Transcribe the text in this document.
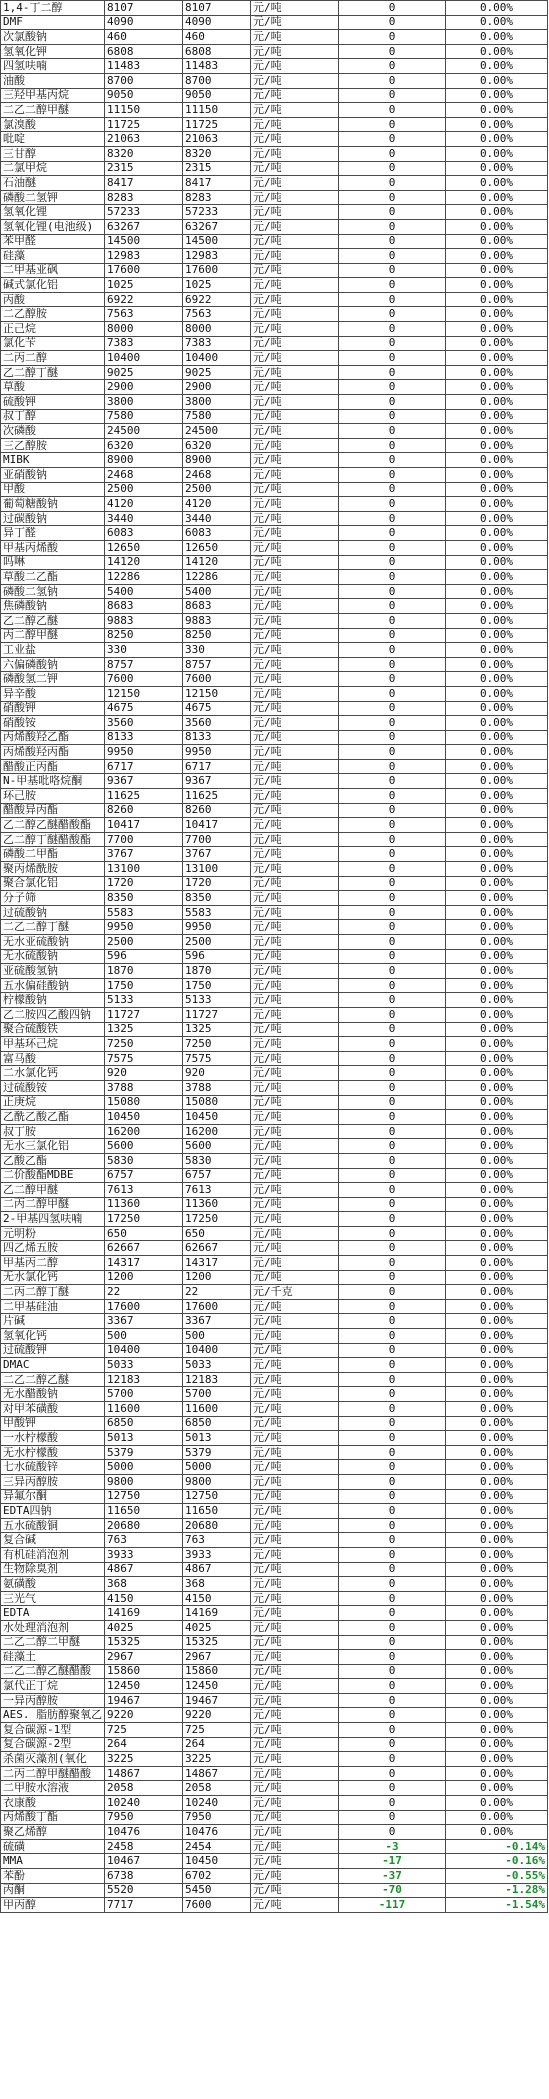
1,4-丁二醇	8107	8107	元/吨	0	0.00%
DMF	4090	4090	元/吨	0	0.00%
次氯酸钠	460	460	元/吨	0	0.00%
氢氧化钾	6808	6808	元/吨	0	0.00%
四氢呋喃	11483	11483	元/吨	0	0.00%
油酸	8700	8700	元/吨	0	0.00%
三羟甲基丙烷	9050	9050	元/吨	0	0.00%
二乙二醇甲醚	11150	11150	元/吨	0	0.00%
氯溴酸	11725	11725	元/吨	0	0.00%
吡啶	21063	21063	元/吨	0	0.00%
三甘醇	8320	8320	元/吨	0	0.00%
二氯甲烷	2315	2315	元/吨	0	0.00%
石油醚	8417	8417	元/吨	0	0.00%
磷酸二氢钾	8283	8283	元/吨	0	0.00%
氢氧化锂	57233	57233	元/吨	0	0.00%
氢氧化锂(电池级)	63267	63267	元/吨	0	0.00%
苯甲醛	14500	14500	元/吨	0	0.00%
硅藻	12983	12983	元/吨	0	0.00%
二甲基亚砜	17600	17600	元/吨	0	0.00%
碱式氯化铝	1025	1025	元/吨	0	0.00%
丙酸	6922	6922	元/吨	0	0.00%
二乙醇胺	7563	7563	元/吨	0	0.00%
正己烷	8000	8000	元/吨	0	0.00%
氯化苄	7383	7383	元/吨	0	0.00%
二丙二醇	10400	10400	元/吨	0	0.00%
乙二醇丁醚	9025	9025	元/吨	0	0.00%
草酸	2900	2900	元/吨	0	0.00%
硫酸钾	3800	3800	元/吨	0	0.00%
叔丁醇	7580	7580	元/吨	0	0.00%
次磷酸	24500	24500	元/吨	0	0.00%
三乙醇胺	6320	6320	元/吨	0	0.00%
MIBK	8900	8900	元/吨	0	0.00%
亚硝酸钠	2468	2468	元/吨	0	0.00%
甲酸	2500	2500	元/吨	0	0.00%
葡萄糖酸钠	4120	4120	元/吨	0	0.00%
过碳酸钠	3440	3440	元/吨	0	0.00%
异丁醛	6083	6083	元/吨	0	0.00%
甲基丙烯酸	12650	12650	元/吨	0	0.00%
吗啉	14120	14120	元/吨	0	0.00%
草酸二乙酯	12286	12286	元/吨	0	0.00%
磷酸二氢钠	5400	5400	元/吨	0	0.00%
焦磷酸钠	8683	8683	元/吨	0	0.00%
乙二醇乙醚	9883	9883	元/吨	0	0.00%
丙二醇甲醚	8250	8250	元/吨	0	0.00%
工业盐	330	330	元/吨	0	0.00%
六偏磷酸钠	8757	8757	元/吨	0	0.00%
磷酸氢二钾	7600	7600	元/吨	0	0.00%
异辛酸	12150	12150	元/吨	0	0.00%
硝酸钾	4675	4675	元/吨	0	0.00%
硝酸铵	3560	3560	元/吨	0	0.00%
丙烯酸羟乙酯	8133	8133	元/吨	0	0.00%
丙烯酸羟丙酯	9950	9950	元/吨	0	0.00%
醋酸正丙酯	6717	6717	元/吨	0	0.00%
N-甲基吡咯烷酮	9367	9367	元/吨	0	0.00%
环己胺	11625	11625	元/吨	0	0.00%
醋酸异丙酯	8260	8260	元/吨	0	0.00%
乙二醇乙醚醋酸酯	10417	10417	元/吨	0	0.00%
乙二醇丁醚醋酸酯	7700	7700	元/吨	0	0.00%
磷酸二甲酯	3767	3767	元/吨	0	0.00%
聚丙烯酰胺	13100	13100	元/吨	0	0.00%
聚合氯化铝	1720	1720	元/吨	0	0.00%
分子筛	8350	8350	元/吨	0	0.00%
过硫酸钠	5583	5583	元/吨	0	0.00%
二乙二醇丁醚	9950	9950	元/吨	0	0.00%
无水亚硫酸钠	2500	2500	元/吨	0	0.00%
无水硫酸钠	596	596	元/吨	0	0.00%
亚硫酸氢钠	1870	1870	元/吨	0	0.00%
五水偏硅酸钠	1750	1750	元/吨	0	0.00%
柠檬酸钠	5133	5133	元/吨	0	0.00%
乙二胺四乙酸四钠	11727	11727	元/吨	0	0.00%
聚合硫酸铁	1325	1325	元/吨	0	0.00%
甲基环己烷	7250	7250	元/吨	0	0.00%
富马酸	7575	7575	元/吨	0	0.00%
二水氯化钙	920	920	元/吨	0	0.00%
过硫酸铵	3788	3788	元/吨	0	0.00%
正庚烷	15080	15080	元/吨	0	0.00%
乙酰乙酸乙酯	10450	10450	元/吨	0	0.00%
叔丁胺	16200	16200	元/吨	0	0.00%
无水三氯化铝	5600	5600	元/吨	0	0.00%
乙酸乙酯	5830	5830	元/吨	0	0.00%
二价酸酯MDBE	6757	6757	元/吨	0	0.00%
乙二醇甲醚	7613	7613	元/吨	0	0.00%
二丙二醇甲醚	11360	11360	元/吨	0	0.00%
2-甲基四氢呋喃	17250	17250	元/吨	0	0.00%
元明粉	650	650	元/吨	0	0.00%
四乙烯五胺	62667	62667	元/吨	0	0.00%
甲基丙二醇	14317	14317	元/吨	0	0.00%
无水氯化钙	1200	1200	元/吨	0	0.00%
二丙二醇丁醚	22	22	元/千克	0	0.00%
二甲基硅油	17600	17600	元/吨	0	0.00%
片碱	3367	3367	元/吨	0	0.00%
氢氧化钙	500	500	元/吨	0	0.00%
过硫酸钾	10400	10400	元/吨	0	0.00%
DMAC	5033	5033	元/吨	0	0.00%
二乙二醇乙醚	12183	12183	元/吨	0	0.00%
无水醋酸钠	5700	5700	元/吨	0	0.00%
对甲苯磺酸	11600	11600	元/吨	0	0.00%
甲酸钾	6850	6850	元/吨	0	0.00%
一水柠檬酸	5013	5013	元/吨	0	0.00%
无水柠檬酸	5379	5379	元/吨	0	0.00%
七水硫酸锌	5000	5000	元/吨	0	0.00%
三异丙醇胺	9800	9800	元/吨	0	0.00%
异氟尔酮	12750	12750	元/吨	0	0.00%
EDTA四钠	11650	11650	元/吨	0	0.00%
五水硫酸铜	20680	20680	元/吨	0	0.00%
复合碱	763	763	元/吨	0	0.00%
有机硅消泡剂	3933	3933	元/吨	0	0.00%
生物除臭剂	4867	4867	元/吨	0	0.00%
氨磺酸	368	368	元/吨	0	0.00%
三光气	4150	4150	元/吨	0	0.00%
EDTA	14169	14169	元/吨	0	0.00%
水处理消泡剂	4025	4025	元/吨	0	0.00%
二乙二醇二甲醚	15325	15325	元/吨	0	0.00%
硅藻土	2967	2967	元/吨	0	0.00%
二乙二醇乙醚醋酸	15860	15860	元/吨	0	0.00%
氯代正丁烷	12450	12450	元/吨	0	0.00%
一异丙醇胺	19467	19467	元/吨	0	0.00%
AES. 脂肪醇聚氧乙	9220	9220	元/吨	0	0.00%
复合碳源-1型	725	725	元/吨	0	0.00%
复合碳源-2型	264	264	元/吨	0	0.00%
杀菌灭藻剂(氧化	3225	3225	元/吨	0	0.00%
二丙二醇甲醚醋酸	14867	14867	元/吨	0	0.00%
二甲胺水溶液	2058	2058	元/吨	0	0.00%
衣康酸	10240	10240	元/吨	0	0.00%
丙烯酸丁酯	7950	7950	元/吨	0	0.00%
聚乙烯醇	10476	10476	元/吨	0	0.00%
硫磺	2458	2454	元/吨	-3	-0.14%
MMA	10467	10450	元/吨	-17	-0.16%
苯酚	6738	6702	元/吨	-37	-0.55%
丙酮	5520	5450	元/吨	-70	-1.28%
甲丙醇	7717	7600	元/吨	-117	-1.54%
